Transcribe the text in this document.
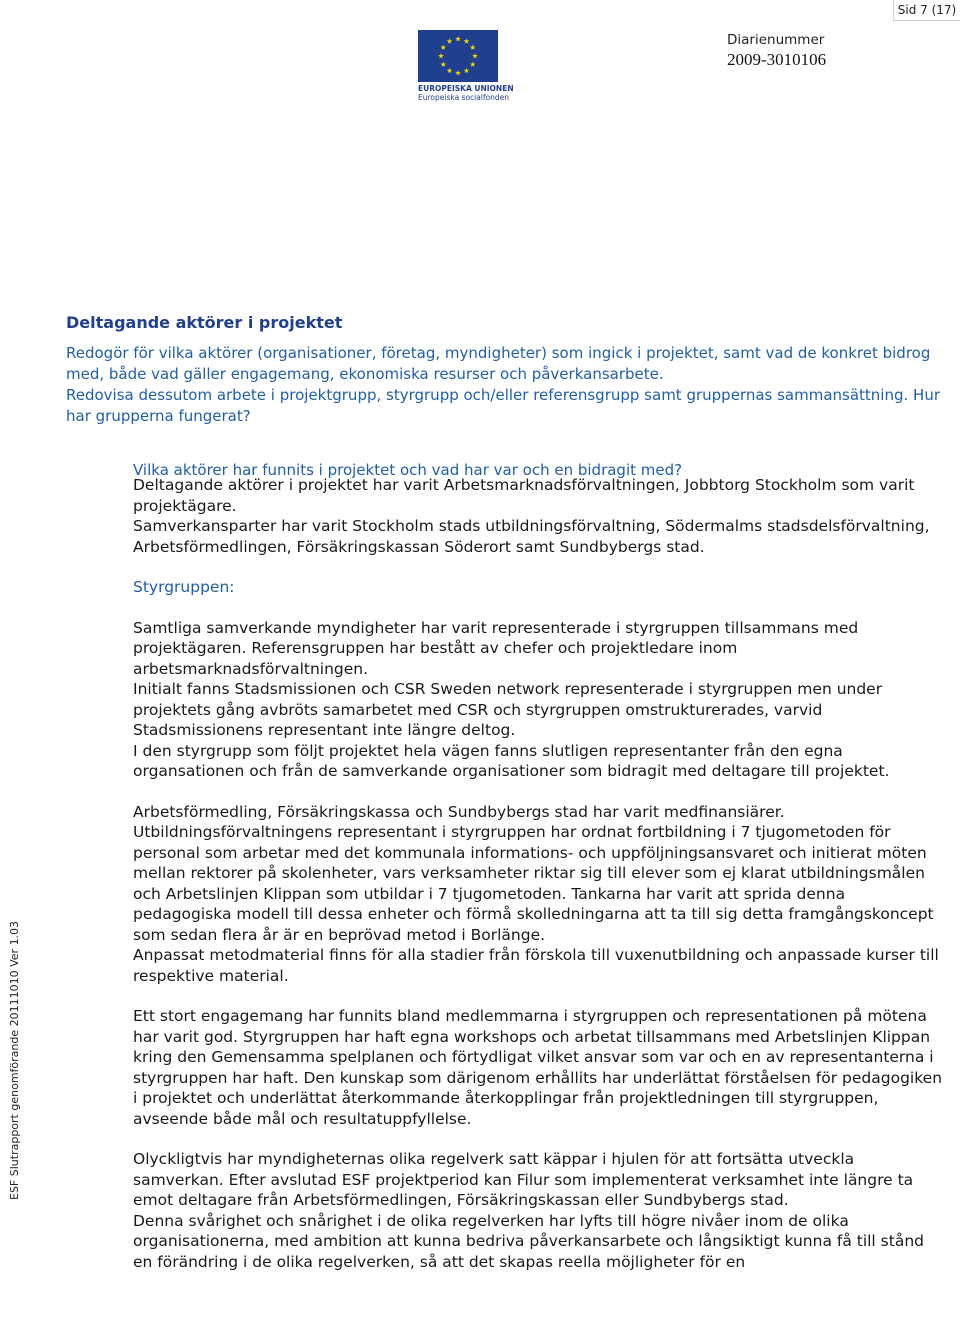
Sid 7 (17)
EUROPEISKA UNIONEN
Europeiska socialfonden
Diarienummer
2009-3010106
ESF Slutrapport genomförande 20111010 Ver 1.03
Deltagande aktörer i projektet

Redogör för vilka aktörer (organisationer, företag, myndigheter) som ingick i projektet, samt vad de konkret bidrog med, både vad gäller engagemang, ekonomiska resurser och påverkansarbete.

Redovisa dessutom arbete i projektgrupp, styrgrupp och/eller referensgrupp samt gruppernas sammansättning. Hur har grupperna fungerat?

Vilka aktörer har funnits i projektet och vad har var och en bidragit med?

Deltagande aktörer i projektet har varit Arbetsmarknadsförvaltningen, Jobbtorg Stockholm som varit projektägare.

Samverkansparter har varit Stockholm stads utbildningsförvaltning, Södermalms stadsdelsförvaltning, Arbetsförmedlingen, Försäkringskassan Söderort samt Sundbybergs stad.

Styrgruppen:

Samtliga samverkande myndigheter har varit representerade i styrgruppen tillsammans med projektägaren. Referensgruppen har bestått av chefer och projektledare inom arbetsmarknadsförvaltningen.

Initialt fanns Stadsmissionen och CSR Sweden network representerade i styrgruppen men under projektets gång avbröts samarbetet med CSR och styrgruppen omstrukturerades, varvid Stadsmissionens representant inte längre deltog.

I den styrgrupp som följt projektet hela vägen fanns slutligen representanter från den egna organsationen och från de samverkande organisationer som bidragit med deltagare till projektet.

Arbetsförmedling, Försäkringskassa och Sundbybergs stad har varit medfinansiärer.

Utbildningsförvaltningens representant i styrgruppen har ordnat fortbildning i 7 tjugometoden för personal som arbetar med det kommunala informations- och uppföljningsansvaret och initierat möten mellan rektorer på skolenheter, vars verksamheter riktar sig till elever som ej klarat utbildningsmålen och Arbetslinjen Klippan som utbildar i 7 tjugometoden. Tankarna har varit att sprida denna pedagogiska modell till dessa enheter och förmå skolledningarna att ta till sig detta framgångskoncept som sedan flera år är en beprövad metod i Borlänge.

Anpassat metodmaterial finns för alla stadier från förskola till vuxenutbildning och anpassade kurser till respektive material.

Ett stort engagemang har funnits bland medlemmarna i styrgruppen och representationen på mötena har varit god. Styrgruppen har haft egna workshops och arbetat tillsammans med Arbetslinjen Klippan kring den Gemensamma spelplanen och förtydligat vilket ansvar som var och en av representanterna i styrgruppen har haft. Den kunskap som därigenom erhållits har underlättat förståelsen för pedagogiken i projektet och underlättat återkommande återkopplingar från projektledningen till styrgruppen, avseende både mål och resultatuppfyllelse.

Olyckligtvis har myndigheternas olika regelverk satt käppar i hjulen för att fortsätta utveckla samverkan. Efter avslutad ESF projektperiod kan Filur som implementerat verksamhet inte längre ta emot deltagare från Arbetsförmedlingen, Försäkringskassan eller Sundbybergs stad.

Denna svårighet och snårighet i de olika regelverken har lyfts till högre nivåer inom de olika organisationerna, med ambition att kunna bedriva påverkansarbete och långsiktigt kunna få till stånd en förändring i de olika regelverken, så att det skapas reella möjligheter för en
